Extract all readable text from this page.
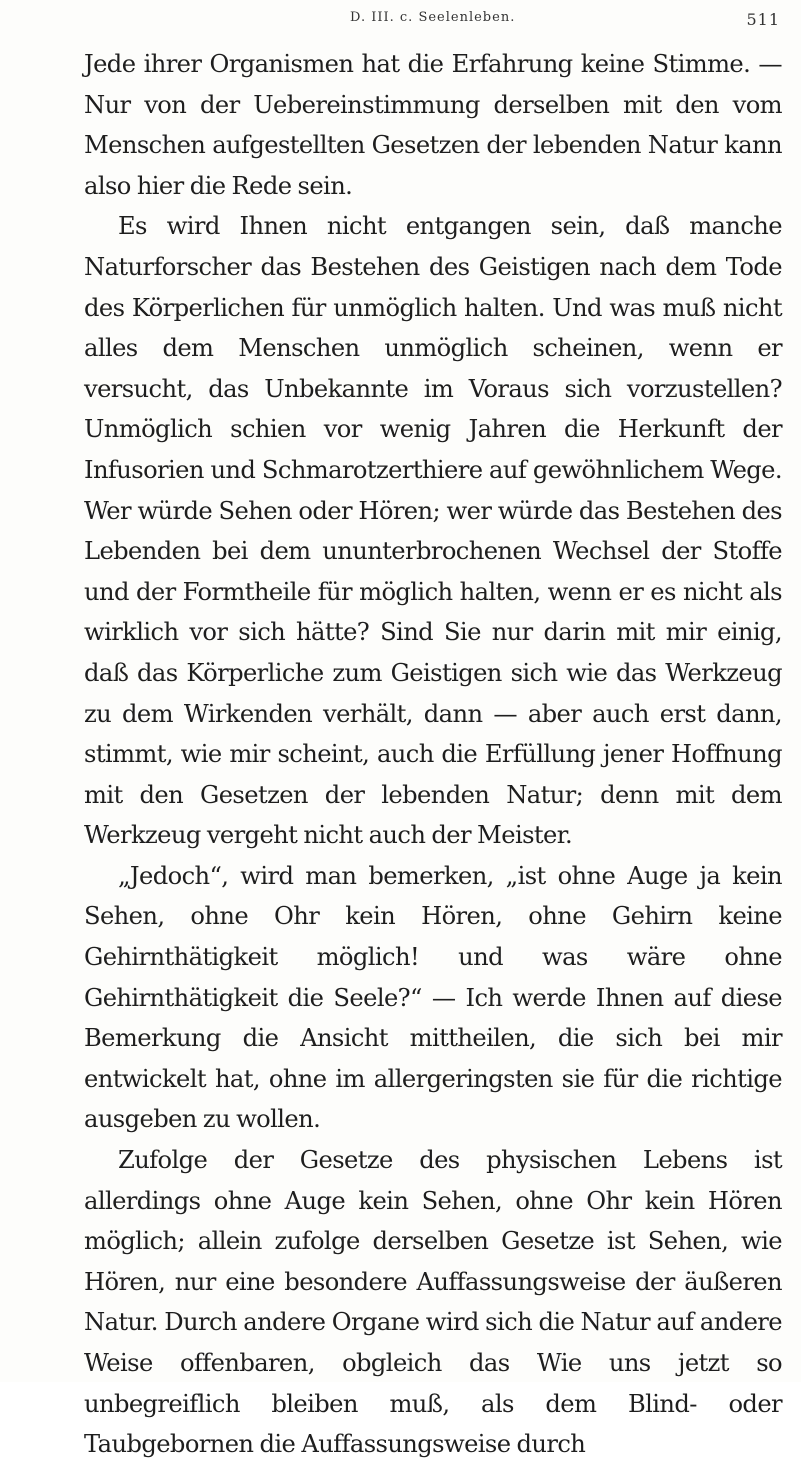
D. III. c. Seelenleben.	511

Jede ihrer Organismen hat die Erfahrung keine Stimme. — Nur von der Uebereinstimmung derselben mit den vom Menschen aufgestellten Gesetzen der lebenden Natur kann also hier die Rede sein.

Es wird Ihnen nicht entgangen sein, daß manche Naturforscher das Bestehen des Geistigen nach dem Tode des Körperlichen für unmöglich halten. Und was muß nicht alles dem Menschen unmöglich scheinen, wenn er versucht, das Unbekannte im Voraus sich vorzustellen? Unmöglich schien vor wenig Jahren die Herkunft der Infusorien und Schmarotzerthiere auf gewöhnlichem Wege. Wer würde Sehen oder Hören; wer würde das Bestehen des Lebenden bei dem ununterbrochenen Wechsel der Stoffe und der Formtheile für möglich halten, wenn er es nicht als wirklich vor sich hätte? Sind Sie nur darin mit mir einig, daß das Körperliche zum Geistigen sich wie das Werkzeug zu dem Wirkenden verhält, dann — aber auch erst dann, stimmt, wie mir scheint, auch die Erfüllung jener Hoffnung mit den Gesetzen der lebenden Natur; denn mit dem Werkzeug vergeht nicht auch der Meister.

„Jedoch“, wird man bemerken, „ist ohne Auge ja kein Sehen, ohne Ohr kein Hören, ohne Gehirn keine Gehirnthätigkeit möglich! und was wäre ohne Gehirnthätigkeit die Seele?“ — Ich werde Ihnen auf diese Bemerkung die Ansicht mittheilen, die sich bei mir entwickelt hat, ohne im allergeringsten sie für die richtige ausgeben zu wollen.

Zufolge der Gesetze des physischen Lebens ist allerdings ohne Auge kein Sehen, ohne Ohr kein Hören möglich; allein zufolge derselben Gesetze ist Sehen, wie Hören, nur eine besondere Auffassungsweise der äußeren Natur. Durch andere Organe wird sich die Natur auf andere Weise offenbaren, obgleich das Wie uns jetzt so unbegreiflich bleiben muß, als dem Blind- oder Taubgebornen die Auffassungsweise durch
